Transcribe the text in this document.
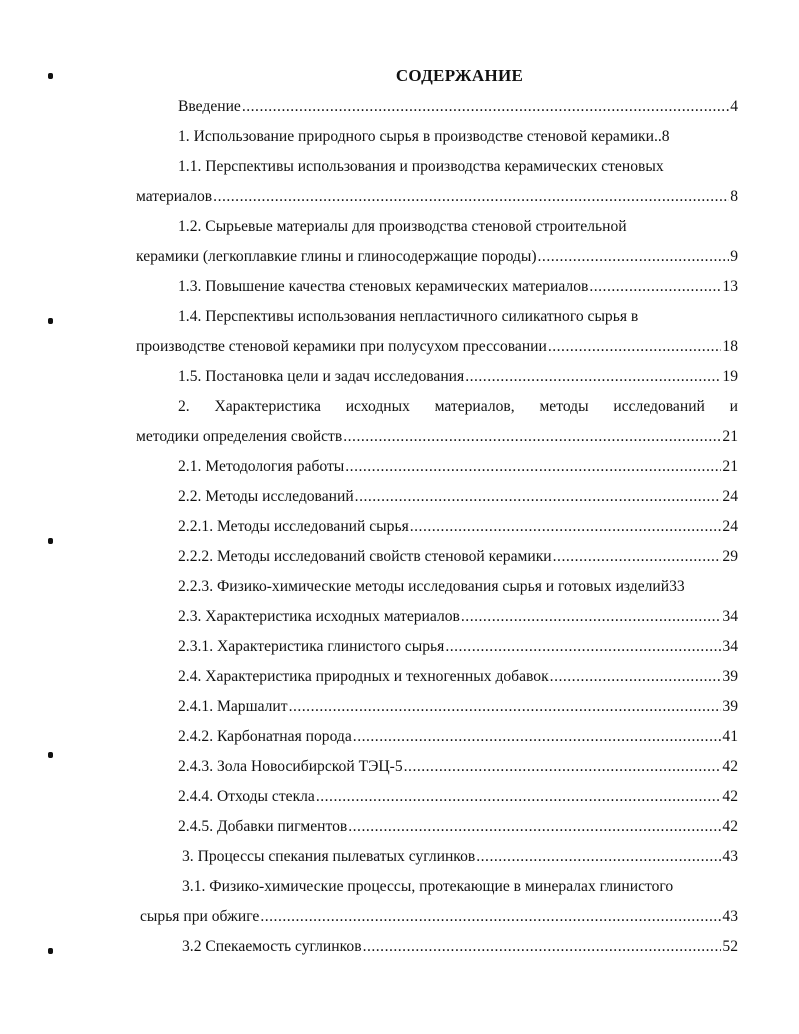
СОДЕРЖАНИЕ
Введение .....	4
1. Использование природного сырья в производстве стеновой керамики.. 8
1.1. Перспективы использования и производства керамических стеновых
материалов .....	8
1.2. Сырьевые материалы для производства стеновой строительной
керамики (легкоплавкие глины и глиносодержащие породы) .....	9
1.3. Повышение качества стеновых керамических материалов .....	13
1.4. Перспективы использования непластичного силикатного сырья в
производстве стеновой керамики при полусухом прессовании .....	18
1.5. Постановка цели и задач исследования .....	19
2. Характеристика исходных материалов, методы исследований и
методики определения свойств .....	21
2.1. Методология работы .....	21
2.2. Методы исследований .....	24
2.2.1. Методы исследований сырья .....	24
2.2.2. Методы исследований свойств стеновой керамики .....	29
2.2.3. Физико-химические методы исследования сырья и готовых изделий33
2.3. Характеристика исходных материалов .....	34
2.3.1. Характеристика глинистого сырья .....	34
2.4. Характеристика природных и техногенных добавок .....	39
2.4.1. Маршалит .....	39
2.4.2. Карбонатная порода .....	41
2.4.3. Зола Новосибирской ТЭЦ-5 .....	42
2.4.4. Отходы стекла .....	42
2.4.5. Добавки пигментов .....	42
3. Процессы спекания пылеватых суглинков .....	43
3.1. Физико-химические процессы, протекающие в минералах глинистого
сырья при обжиге .....	43
3.2 Спекаемость суглинков .....	52
